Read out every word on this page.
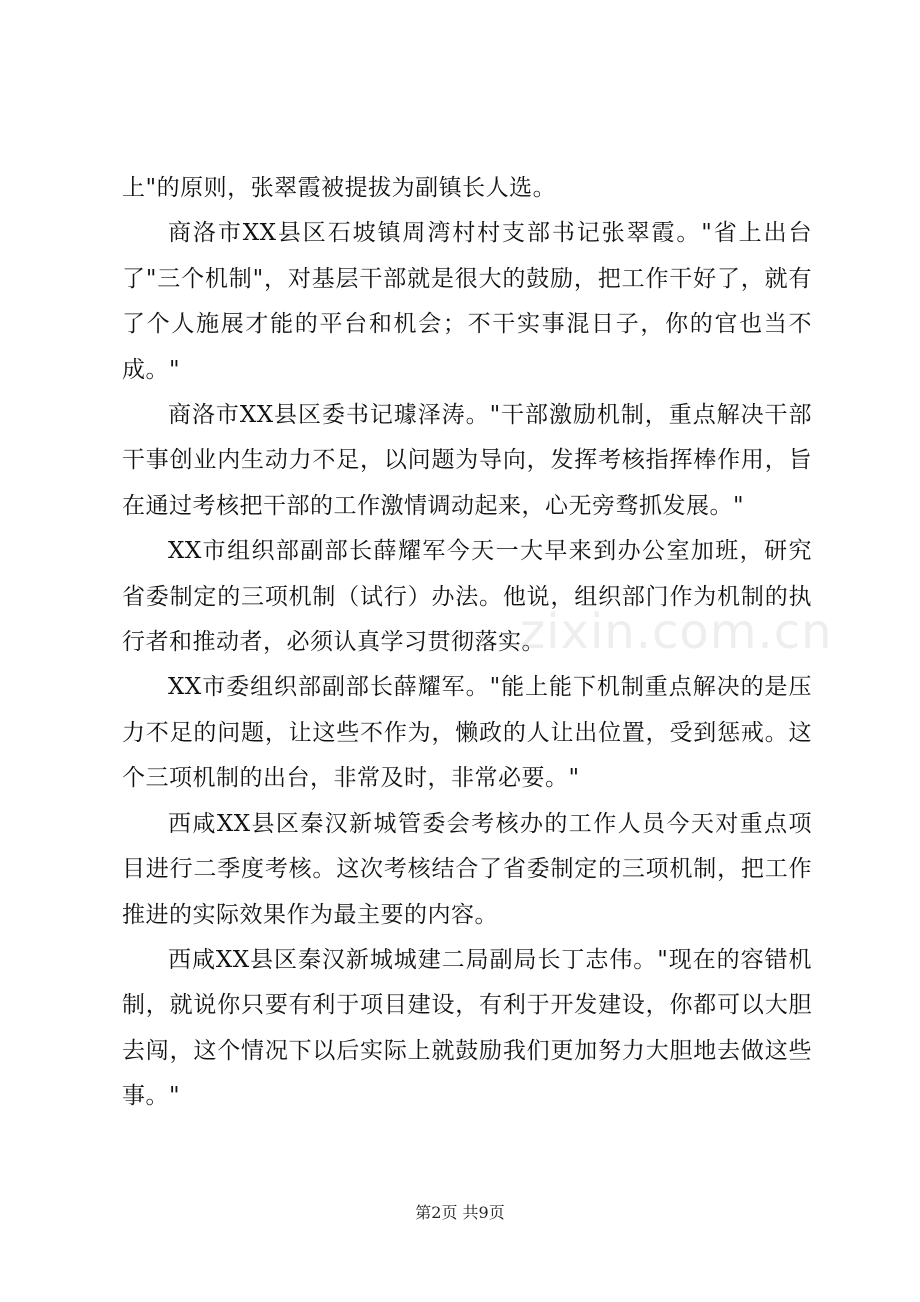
上"的原则，张翠霞被提拔为副镇长人选。

商洛市XX县区石坡镇周湾村村支部书记张翠霞。"省上出台了"三个机制"，对基层干部就是很大的鼓励，把工作干好了，就有了个人施展才能的平台和机会；不干实事混日子，你的官也当不成。"

商洛市XX县区委书记璩泽涛。"干部激励机制，重点解决干部干事创业内生动力不足，以问题为导向，发挥考核指挥棒作用，旨在通过考核把干部的工作激情调动起来，心无旁骛抓发展。"

XX市组织部副部长薛耀军今天一大早来到办公室加班，研究省委制定的三项机制（试行）办法。他说，组织部门作为机制的执行者和推动者，必须认真学习贯彻落实。

XX市委组织部副部长薛耀军。"能上能下机制重点解决的是压力不足的问题，让这些不作为，懒政的人让出位置，受到惩戒。这个三项机制的出台，非常及时，非常必要。"

西咸XX县区秦汉新城管委会考核办的工作人员今天对重点项目进行二季度考核。这次考核结合了省委制定的三项机制，把工作推进的实际效果作为最主要的内容。

西咸XX县区秦汉新城城建二局副局长丁志伟。"现在的容错机制，就说你只要有利于项目建设，有利于开发建设，你都可以大胆去闯，这个情况下以后实际上就鼓励我们更加努力大胆地去做这些事。"

zixin.com.cn
第2页 共9页
